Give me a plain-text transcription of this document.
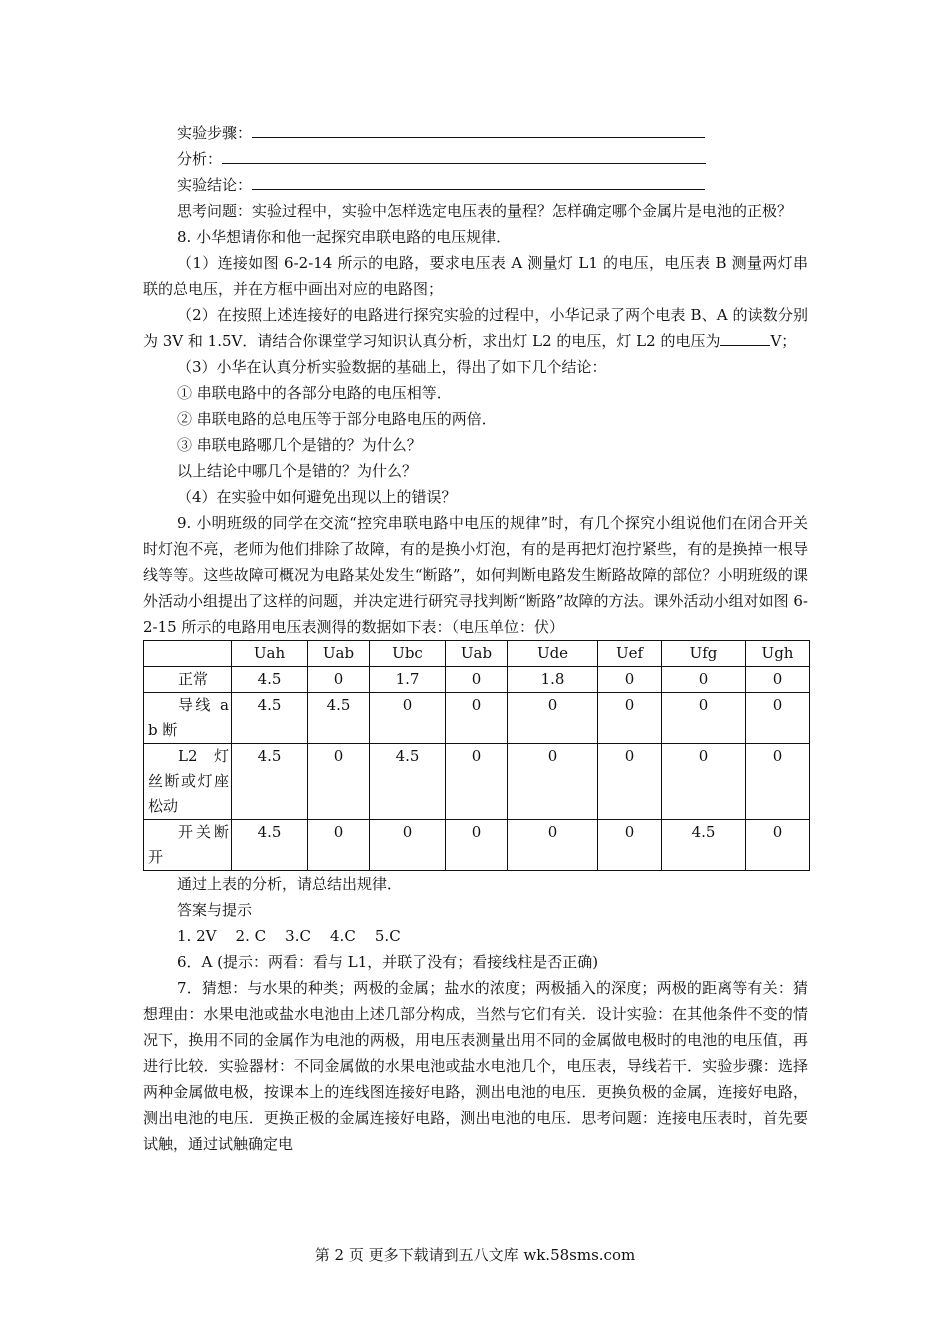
实验步骤：

分析：

实验结论：

思考问题：实验过程中，实验中怎样选定电压表的量程？怎样确定哪个金属片是电池的正极？

8. 小华想请你和他一起探究串联电路的电压规律．

（1）连接如图 6-2-14 所示的电路，要求电压表 A 测量灯 L1 的电压，电压表 B 测量两灯串联的总电压，并在方框中画出对应的电路图；

（2）在按照上述连接好的电路进行探究实验的过程中，小华记录了两个电表 B、A 的读数分别为 3V 和 1.5V．请结合你课堂学习知识认真分析，求出灯 L2 的电压，灯 L2 的电压为	V；

（3）小华在认真分析实验数据的基础上，得出了如下几个结论：

① 串联电路中的各部分电路的电压相等．

② 串联电路的总电压等于部分电路电压的两倍．

③ 串联电路哪几个是错的？为什么？

以上结论中哪几个是错的？为什么？

（4）在实验中如何避免出现以上的错误？

9. 小明班级的同学在交流“控究串联电路中电压的规律”时，有几个探究小组说他们在闭合开关时灯泡不亮，老师为他们排除了故障，有的是换小灯泡，有的是再把灯泡拧紧些，有的是换掉一根导线等等。这些故障可概况为电路某处发生“断路”，如何判断电路发生断路故障的部位？小明班级的课外活动小组提出了这样的问题，并决定进行研究寻找判断“断路”故障的方法。课外活动小组对如图 6-2-15 所示的电路用电压表测得的数据如下表：（电压单位：伏）

	Uah	Uab	Ubc	Uab	Ude	Uef	Ufg	Ugh

正常	4.5	0	1.7	0	1.8	0	0	0

导线 ab 断	4.5	4.5	0	0	0	0	0	0

L2　灯丝断或灯座松动	4.5	0	4.5	0	0	0	0	0

开关断开	4.5	0	0	0	0	0	4.5	0

通过上表的分析，请总结出规律．

答案与提示

1. 2V    2. C    3.C    4.C    5.C

6．A (提示：两看：看与 L1，并联了没有；看接线柱是否正确)

7．猜想：与水果的种类；两极的金属；盐水的浓度；两极插入的深度；两极的距离等有关：猜想理由：水果电池或盐水电池由上述几部分构成，当然与它们有关．设计实验：在其他条件不变的情况下，换用不同的金属作为电池的两极，用电压表测量出用不同的金属做电极时的电池的电压值，再进行比较．实验器材：不同金属做的水果电池或盐水电池几个，电压表，导线若干．实验步骤：选择两种金属做电极，按课本上的连线图连接好电路，测出电池的电压．更换负极的金属，连接好电路，测出电池的电压．更换正极的金属连接好电路，测出电池的电压．思考问题：连接电压表时，首先要试触，通过试触确定电

第 2 页 更多下载请到五八文库 wk.58sms.com
